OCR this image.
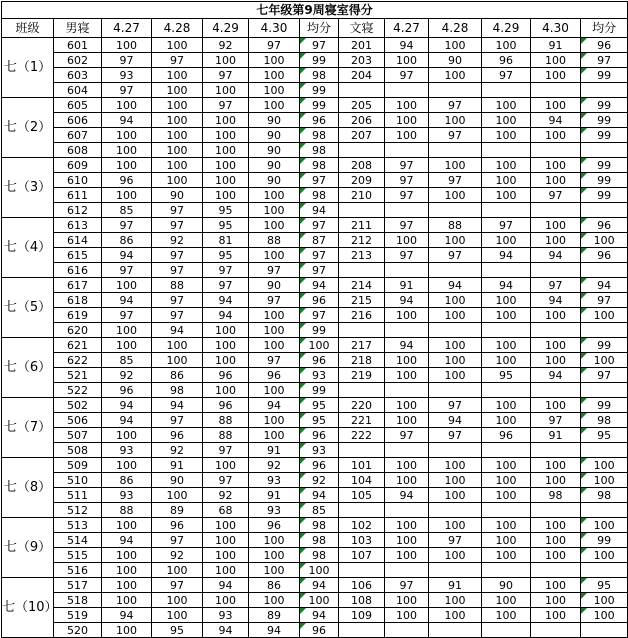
七年级第9周寝室得分												
班级	男寝	4.27	4.28	4.29	4.30	均分	文寝	4.27	4.28	4.29	4.30	均分
七（1）	601	100	100	92	97	97	201	94	100	100	91	96
	602	97	97	100	100	99	203	100	90	96	100	97
	603	93	100	97	100	98	204	97	100	97	100	99
	604	97	100	100	100	99						
七（2）	605	100	100	97	100	99	205	100	97	100	100	99
	606	94	100	100	90	96	206	100	100	100	94	99
	607	100	100	100	90	98	207	100	97	100	100	99
	608	100	100	100	90	98						
七（3）	609	100	100	100	90	98	208	97	100	100	100	99
	610	96	100	100	90	97	209	97	97	100	100	99
	611	100	90	100	100	98	210	97	100	100	97	99
	612	85	97	95	100	94						
七（4）	613	97	97	95	100	97	211	97	88	97	100	96
	614	86	92	81	88	87	212	100	100	100	100	100
	615	94	97	95	100	97	213	97	97	94	94	96
	616	97	97	97	97	97						
七（5）	617	100	88	97	90	94	214	91	94	94	97	94
	618	94	97	94	97	96	215	94	100	100	94	97
	619	97	97	94	100	97	216	100	100	100	100	100
	620	100	94	100	100	99						
七（6）	621	100	100	100	100	100	217	94	100	100	100	99
	622	85	100	100	97	96	218	100	100	100	100	100
	521	92	86	96	96	93	219	100	100	95	94	97
	522	96	98	100	100	99						
七（7）	502	94	94	96	94	95	220	100	97	100	100	99
	506	94	97	88	100	95	221	100	94	100	97	98
	507	100	96	88	100	96	222	97	97	96	91	95
	508	93	92	97	91	93						
七（8）	509	100	91	100	92	96	101	100	100	100	100	100
	510	86	90	97	93	92	104	100	100	100	100	100
	511	93	100	92	91	94	105	94	100	100	98	98
	512	88	89	68	93	85						
七（9）	513	100	96	100	96	98	102	100	100	100	100	100
	514	94	97	100	100	98	103	100	97	100	100	99
	515	100	92	100	100	98	107	100	100	100	100	100
	516	100	100	100	100	100						
七（10）	517	100	97	94	86	94	106	97	91	90	100	95
	518	100	100	100	100	100	108	100	100	100	100	100
	519	94	100	93	89	94	109	100	100	100	100	100
	520	100	95	94	94	96						
